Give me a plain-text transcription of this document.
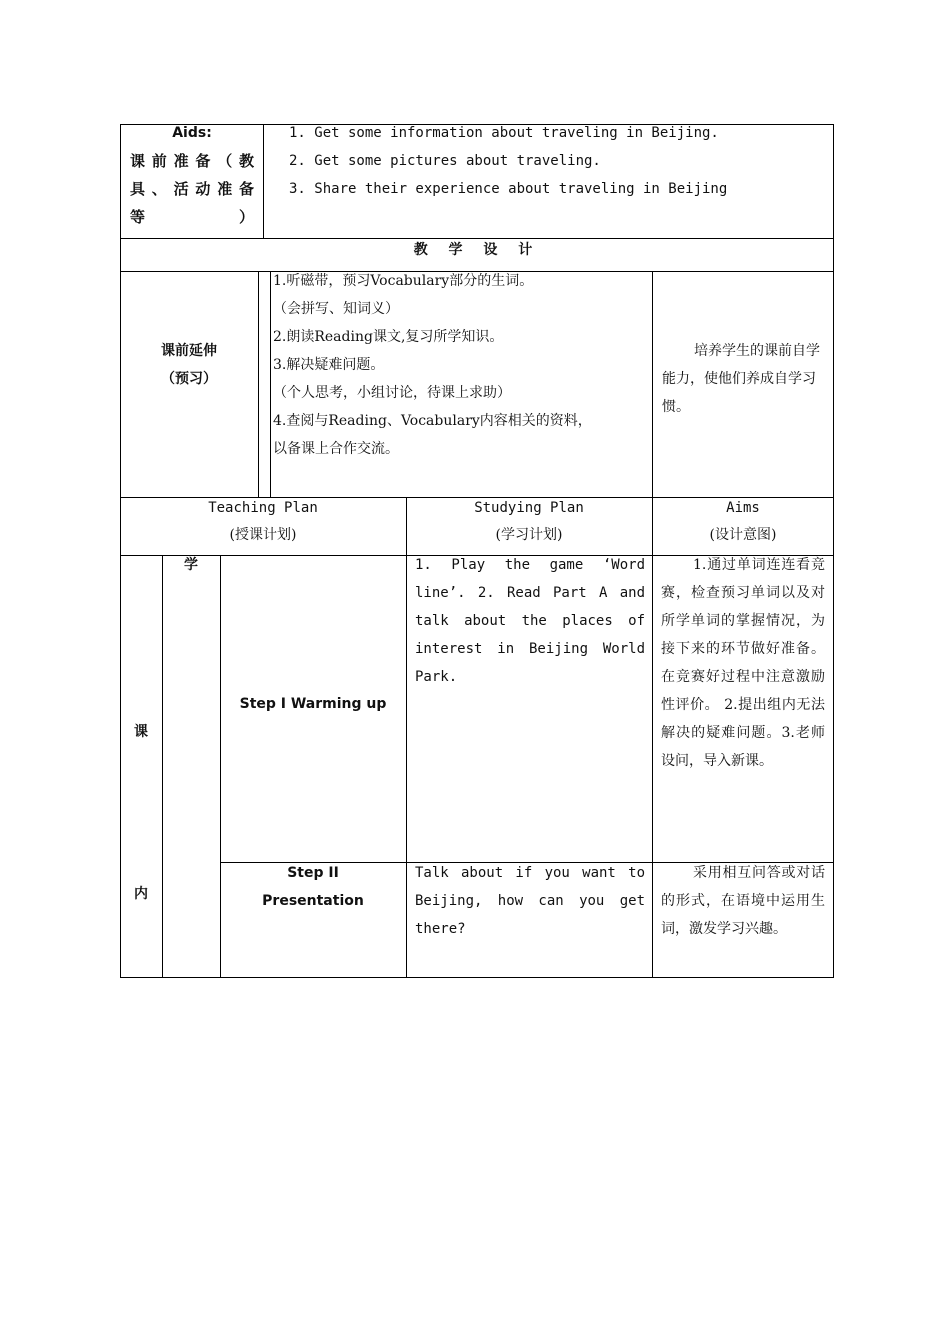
Aids:
课前准备（教具、活动准备等）
1. Get some information about traveling in Beijing.
2. Get some pictures about traveling.
3. Share their experience about traveling in Beijing
教 学 设 计
课前延伸
（预习）
1.听磁带，预习Vocabulary部分的生词。
（会拼写、知词义）
2.朗读Reading课文,复习所学知识。
3.解决疑难问题。
（个人思考，小组讨论，待课上求助）
4.查阅与Reading、Vocabulary内容相关的资料，
以备课上合作交流。
培养学生的课前自学能力，使他们养成自学习惯。
Teaching Plan
(授课计划)
Studying Plan
(学习计划)
Aims
(设计意图)
课
内
学
Step I Warming up
1. Play the game ‘Word line’. 2. Read Part A and talk about the places of interest in Beijing World Park.
1.通过单词连连看竞赛，检查预习单词以及对所学单词的掌握情况，为接下来的环节做好准备。在竞赛好过程中注意激励性评价。 2.提出组内无法解决的疑难问题。3.老师设问，导入新课。
Step II
Presentation
Talk about if you want to Beijing, how can you get there?
采用相互问答或对话的形式，在语境中运用生词，激发学习兴趣。
